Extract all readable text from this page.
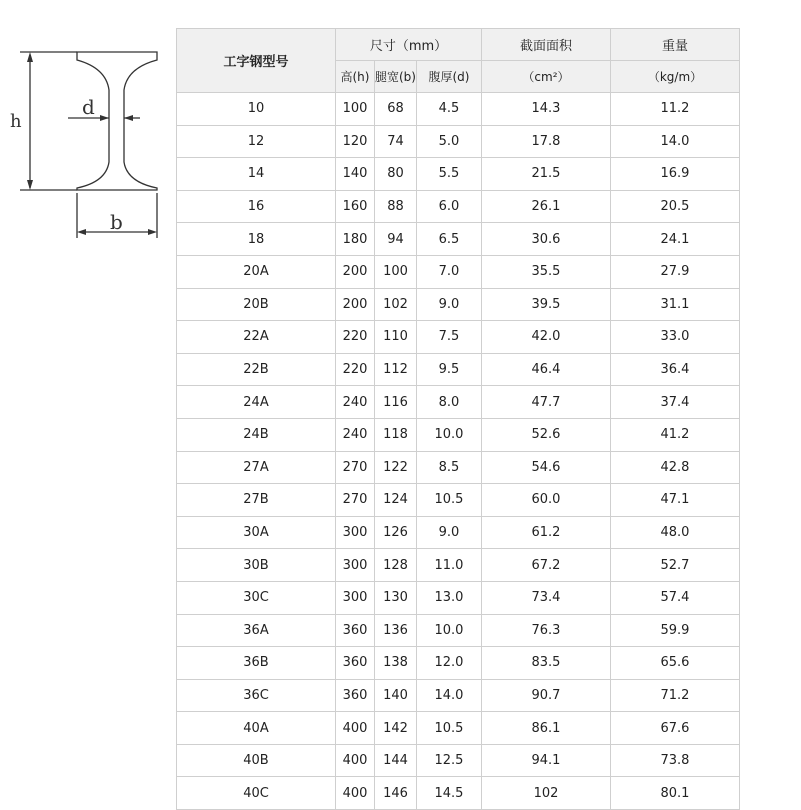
h
d
b
工字钢型号	尺寸（mm）			截面面积	重量
	高(h)	腿宽(b)	腹厚(d)	（cm²）	（kg/m）
10	100	68	4.5	14.3	11.2
12	120	74	5.0	17.8	14.0
14	140	80	5.5	21.5	16.9
16	160	88	6.0	26.1	20.5
18	180	94	6.5	30.6	24.1
20A	200	100	7.0	35.5	27.9
20B	200	102	9.0	39.5	31.1
22A	220	110	7.5	42.0	33.0
22B	220	112	9.5	46.4	36.4
24A	240	116	8.0	47.7	37.4
24B	240	118	10.0	52.6	41.2
27A	270	122	8.5	54.6	42.8
27B	270	124	10.5	60.0	47.1
30A	300	126	9.0	61.2	48.0
30B	300	128	11.0	67.2	52.7
30C	300	130	13.0	73.4	57.4
36A	360	136	10.0	76.3	59.9
36B	360	138	12.0	83.5	65.6
36C	360	140	14.0	90.7	71.2
40A	400	142	10.5	86.1	67.6
40B	400	144	12.5	94.1	73.8
40C	400	146	14.5	102	80.1
